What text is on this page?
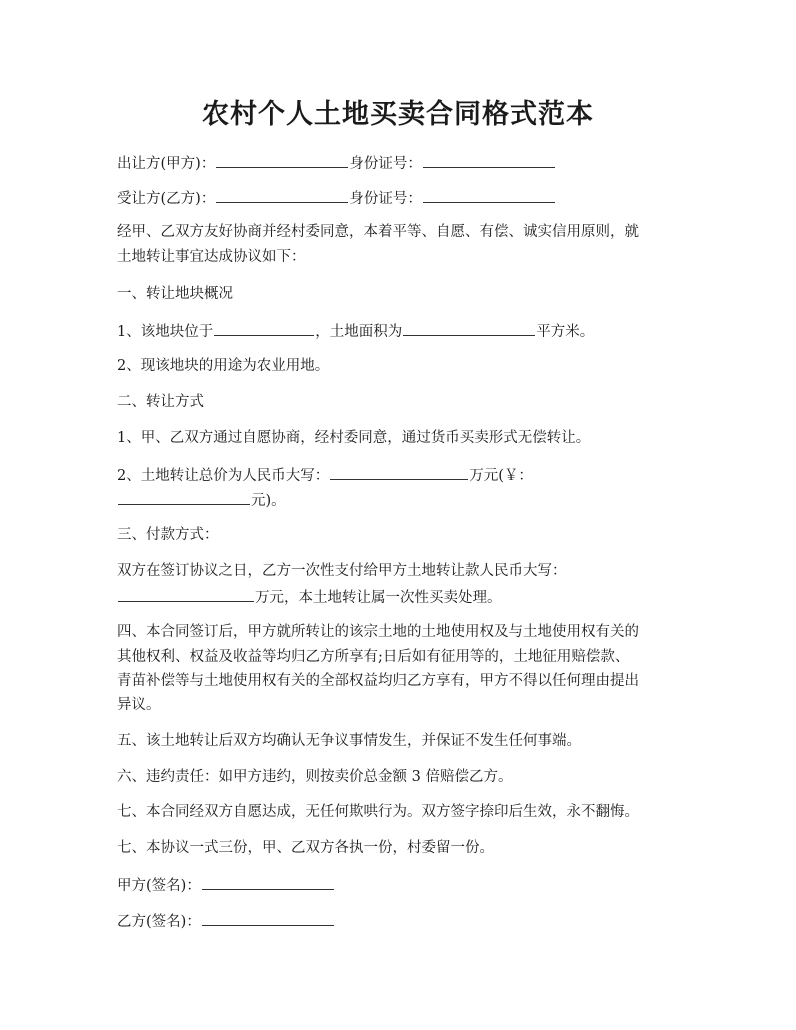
农村个人土地买卖合同格式范本
出让方(甲方)：	身份证号：
受让方(乙方)：	身份证号：
经甲、乙双方友好协商并经村委同意，本着平等、自愿、有偿、诚实信用原则，就
土地转让事宜达成协议如下：
一、转让地块概况
1、该地块位于	，土地面积为	平方米。
2、现该地块的用途为农业用地。
二、转让方式
1、甲、乙双方通过自愿协商，经村委同意，通过货币买卖形式无偿转让。
2、土地转让总价为人民币大写：	万元(￥：
元)。
三、付款方式：
双方在签订协议之日，乙方一次性支付给甲方土地转让款人民币大写：
万元，本土地转让属一次性买卖处理。
四、本合同签订后，甲方就所转让的该宗土地的土地使用权及与土地使用权有关的
其他权利、权益及收益等均归乙方所享有;日后如有征用等的，土地征用赔偿款、
青苗补偿等与土地使用权有关的全部权益均归乙方享有，甲方不得以任何理由提出
异议。
五、该土地转让后双方均确认无争议事情发生，并保证不发生任何事端。
六、违约责任：如甲方违约，则按卖价总金额 3 倍赔偿乙方。
七、本合同经双方自愿达成，无任何欺哄行为。双方签字捺印后生效，永不翻悔。
七、本协议一式三份，甲、乙双方各执一份，村委留一份。
甲方(签名)：
乙方(签名)：
